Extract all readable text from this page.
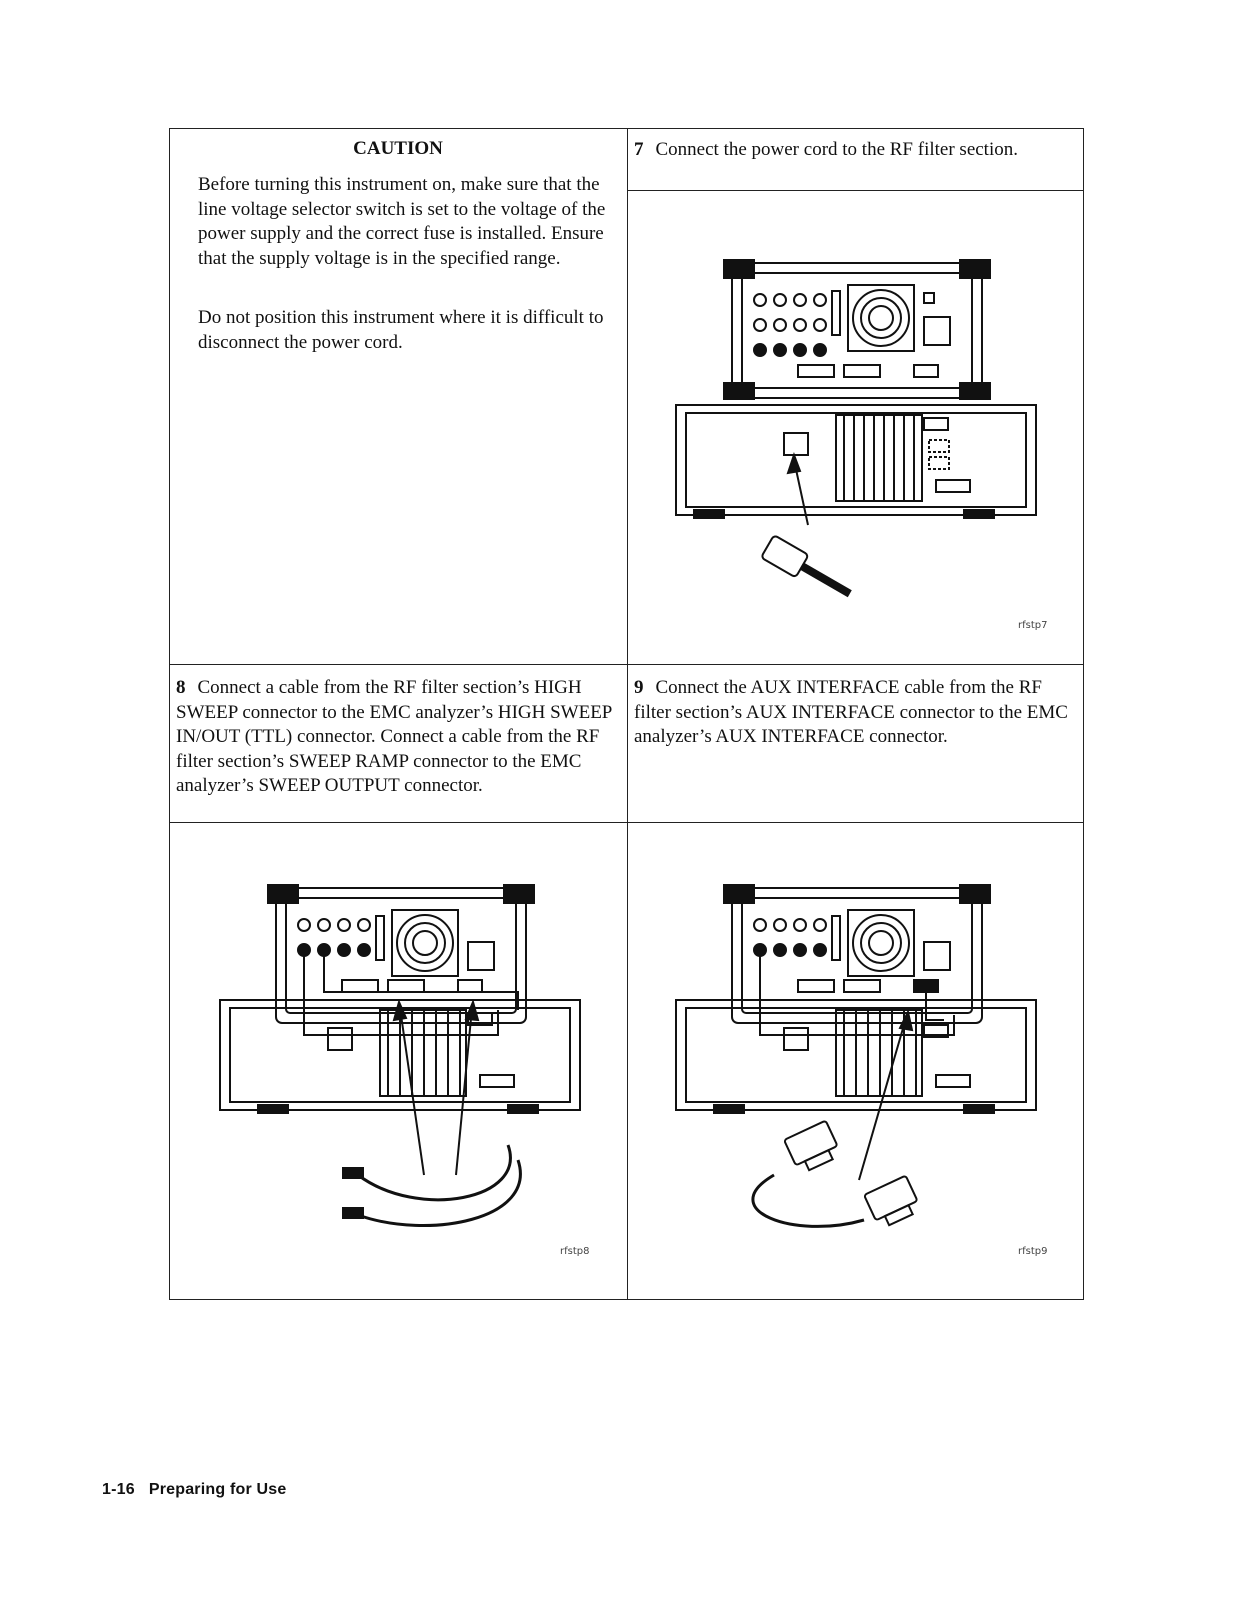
CAUTION
Before turning this instrument on, make sure that the line voltage selector switch is set to the voltage of the power supply and the correct fuse is installed. Ensure that the supply voltage is in the specified range.
Do not position this instrument where it is difficult to disconnect the power cord.
7 Connect the power cord to the RF filter section.
8 Connect a cable from the RF filter section’s HIGH SWEEP connector to the EMC analyzer’s HIGH SWEEP IN/OUT (TTL) connector. Connect a cable from the RF filter section’s SWEEP RAMP connector to the EMC analyzer’s SWEEP OUTPUT connector.
9 Connect the AUX INTERFACE cable from the RF filter section’s AUX INTERFACE connector to the EMC analyzer’s AUX INTERFACE connector.
rfstp7
rfstp8	rfstp9
1-16 Preparing for Use
